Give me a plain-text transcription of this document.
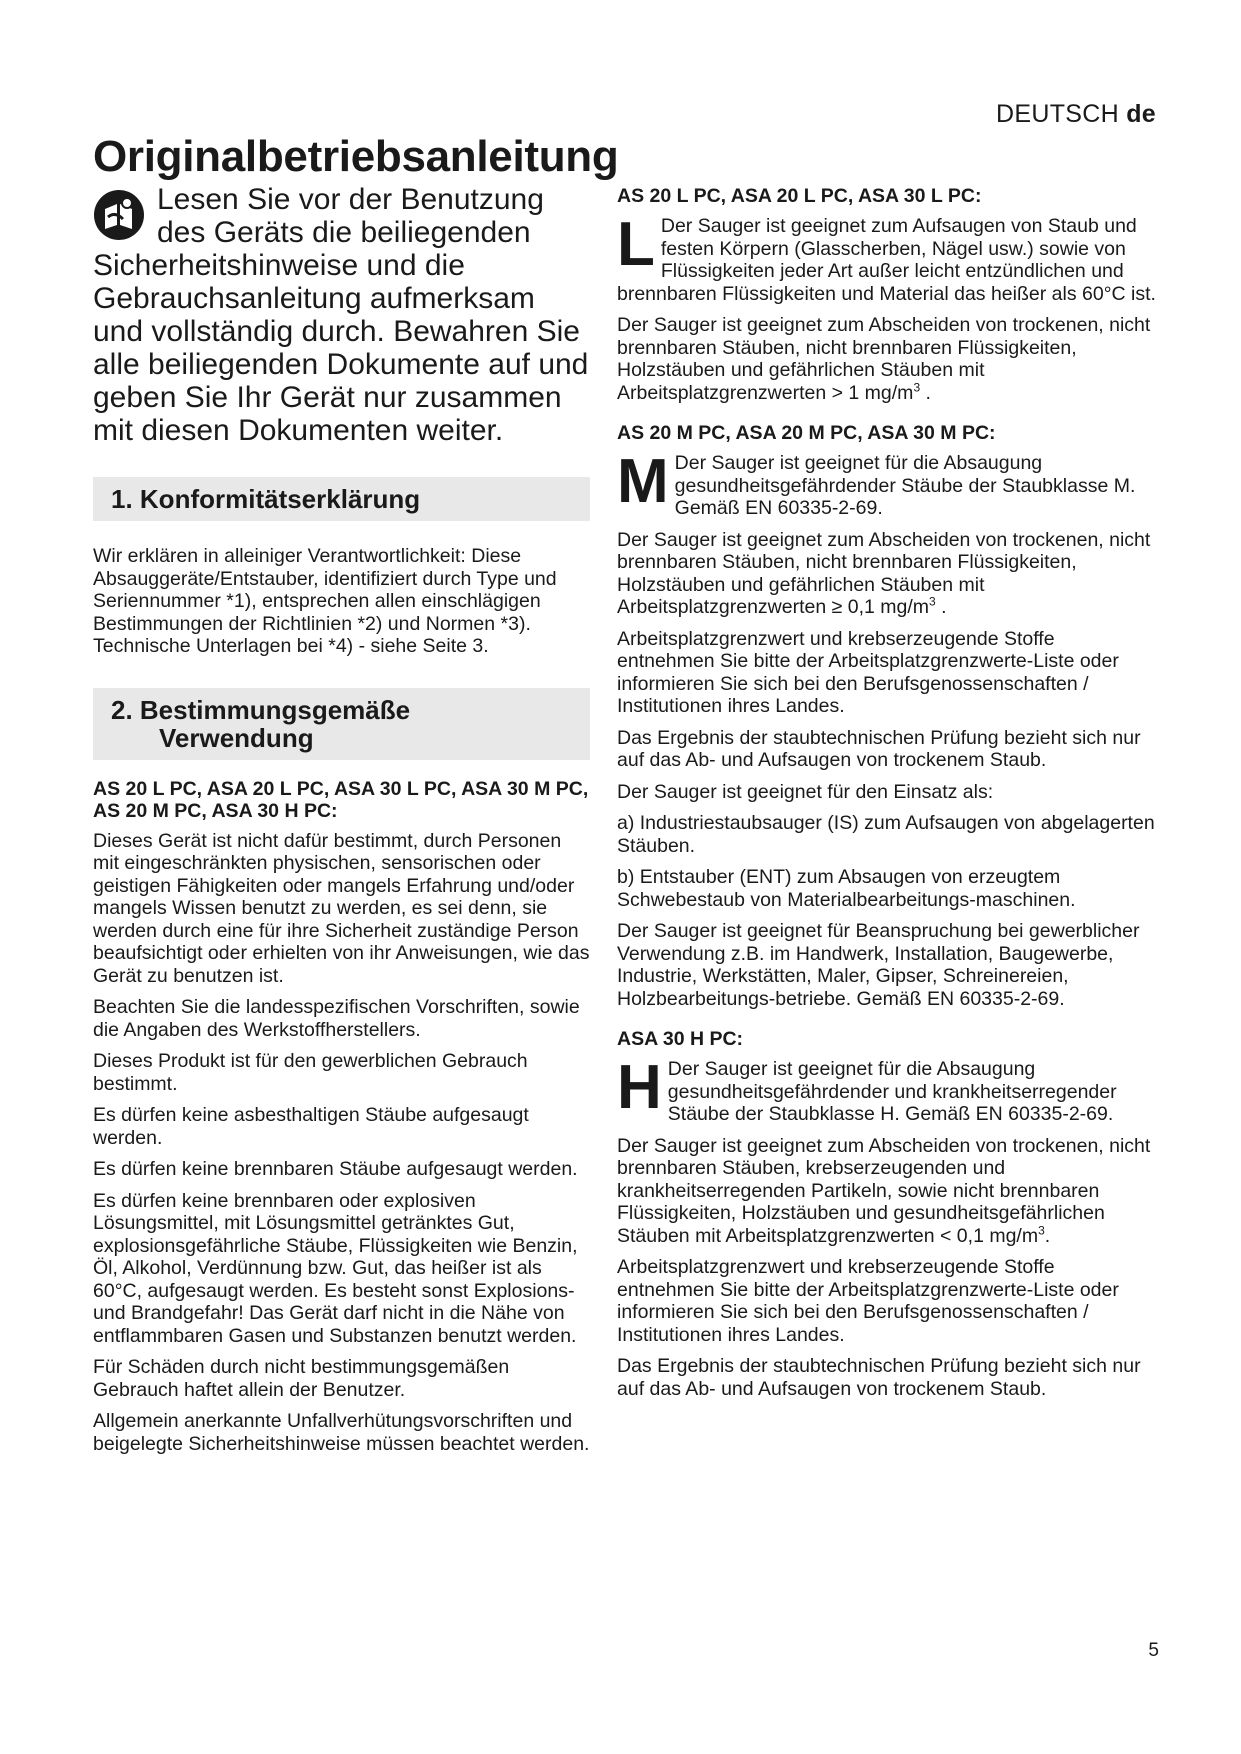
DEUTSCH de
Originalbetriebsanleitung
Lesen Sie vor der Benutzung des Geräts die beiliegenden Sicherheitshinweise und die Gebrauchsanleitung aufmerksam und vollständig durch. Bewahren Sie alle beiliegenden Dokumente auf und geben Sie Ihr Gerät nur zusammen mit diesen Dokumenten weiter.
1. Konformitätserklärung

Wir erklären in alleiniger Verantwortlichkeit: Diese Absauggeräte/Entstauber, identifiziert durch Type und Seriennummer *1), entsprechen allen einschlägigen Bestimmungen der Richtlinien *2) und Normen *3). Technische Unterlagen bei *4) - siehe Seite 3.

2. Bestimmungsgemäße
Verwendung
AS 20 L PC, ASA 20 L PC, ASA 30 L PC, ASA 30 M PC, AS 20 M PC, ASA 30 H PC:

Dieses Gerät ist nicht dafür bestimmt, durch Personen mit eingeschränkten physischen, sensorischen oder geistigen Fähigkeiten oder mangels Erfahrung und/oder mangels Wissen benutzt zu werden, es sei denn, sie werden durch eine für ihre Sicherheit zuständige Person beaufsichtigt oder erhielten von ihr Anweisungen, wie das Gerät zu benutzen ist.

Beachten Sie die landesspezifischen Vorschriften, sowie die Angaben des Werkstoffherstellers.

Dieses Produkt ist für den gewerblichen Gebrauch bestimmt.

Es dürfen keine asbesthaltigen Stäube aufgesaugt werden.

Es dürfen keine brennbaren Stäube aufgesaugt werden.

Es dürfen keine brennbaren oder explosiven Lösungsmittel, mit Lösungsmittel getränktes Gut, explosionsgefährliche Stäube, Flüssigkeiten wie Benzin, Öl, Alkohol, Verdünnung bzw. Gut, das heißer ist als 60°C, aufgesaugt werden. Es besteht sonst Explosions- und Brandgefahr! Das Gerät darf nicht in die Nähe von entflammbaren Gasen und Substanzen benutzt werden.

Für Schäden durch nicht bestimmungsgemäßen Gebrauch haftet allein der Benutzer.

Allgemein anerkannte Unfallverhütungsvorschriften und beigelegte Sicherheitshinweise müssen beachtet werden.

AS 20 L PC, ASA 20 L PC, ASA 30 L PC:
L Der Sauger ist geeignet zum Aufsaugen von Staub und festen Körpern (Glasscherben, Nägel usw.) sowie von Flüssigkeiten jeder Art außer leicht entzündlichen und brennbaren Flüssigkeiten und Material das heißer als 60°C ist.

Der Sauger ist geeignet zum Abscheiden von trockenen, nicht brennbaren Stäuben, nicht brennbaren Flüssigkeiten, Holzstäuben und gefährlichen Stäuben mit Arbeitsplatzgrenzwerten > 1 $mg/m^3$ .

AS 20 M PC, ASA 20 M PC, ASA 30 M PC:
M Der Sauger ist geeignet für die Absaugung gesundheitsgefährdender Stäube der Staubklasse M. Gemäß EN 60335-2-69.

Der Sauger ist geeignet zum Abscheiden von trockenen, nicht brennbaren Stäuben, nicht brennbaren Flüssigkeiten, Holzstäuben und gefährlichen Stäuben mit Arbeitsplatzgrenzwerten ≥ 0,1 $mg/m^3$ .

Arbeitsplatzgrenzwert und krebserzeugende Stoffe entnehmen Sie bitte der Arbeitsplatzgrenzwerte-Liste oder informieren Sie sich bei den Berufsgenossenschaften / Institutionen ihres Landes.

Das Ergebnis der staubtechnischen Prüfung bezieht sich nur auf das Ab- und Aufsaugen von trockenem Staub.

Der Sauger ist geeignet für den Einsatz als:

a) Industriestaubsauger (IS) zum Aufsaugen von abgelagerten Stäuben.

b) Entstauber (ENT) zum Absaugen von erzeugtem Schwebestaub von Materialbearbeitungs-maschinen.

Der Sauger ist geeignet für Beanspruchung bei gewerblicher Verwendung z.B. im Handwerk, Installation, Baugewerbe, Industrie, Werkstätten, Maler, Gipser, Schreinereien, Holzbearbeitungs-betriebe. Gemäß EN 60335-2-69.

ASA 30 H PC:
H Der Sauger ist geeignet für die Absaugung gesundheitsgefährdender und krankheitserregender Stäube der Staubklasse H. Gemäß EN 60335-2-69.

Der Sauger ist geeignet zum Abscheiden von trockenen, nicht brennbaren Stäuben, krebserzeugenden und krankheitserregenden Partikeln, sowie nicht brennbaren Flüssigkeiten, Holzstäuben und gesundheitsgefährlichen Stäuben mit Arbeitsplatzgrenzwerten < 0,1 $mg/m^3$.

Arbeitsplatzgrenzwert und krebserzeugende Stoffe entnehmen Sie bitte der Arbeitsplatzgrenzwerte-Liste oder informieren Sie sich bei den Berufsgenossenschaften / Institutionen ihres Landes.

Das Ergebnis der staubtechnischen Prüfung bezieht sich nur auf das Ab- und Aufsaugen von trockenem Staub.

5
